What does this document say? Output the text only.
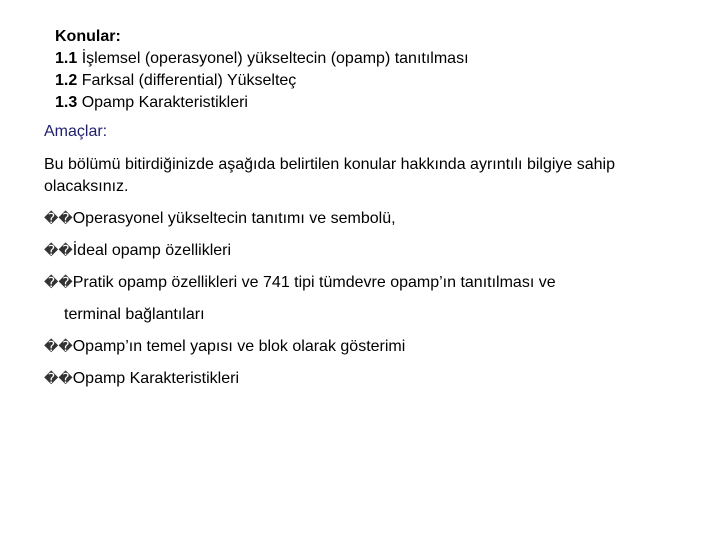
Konular:
1.1 İşlemsel (operasyonel) yükseltecin (opamp) tanıtılması
1.2 Farksal (differential) Yükselteç
1.3 Opamp Karakteristikleri
Amaçlar:
Bu bölümü bitirdiğinizde aşağıda belirtilen konular hakkında ayrıntılı bilgiye sahip olacaksınız.
��Operasyonel yükseltecin tanıtımı ve sembolü,
��İdeal opamp özellikleri
��Pratik opamp özellikleri ve 741 tipi tümdevre opamp’ın tanıtılması ve
terminal bağlantıları
��Opamp’ın temel yapısı ve blok olarak gösterimi
��Opamp Karakteristikleri
